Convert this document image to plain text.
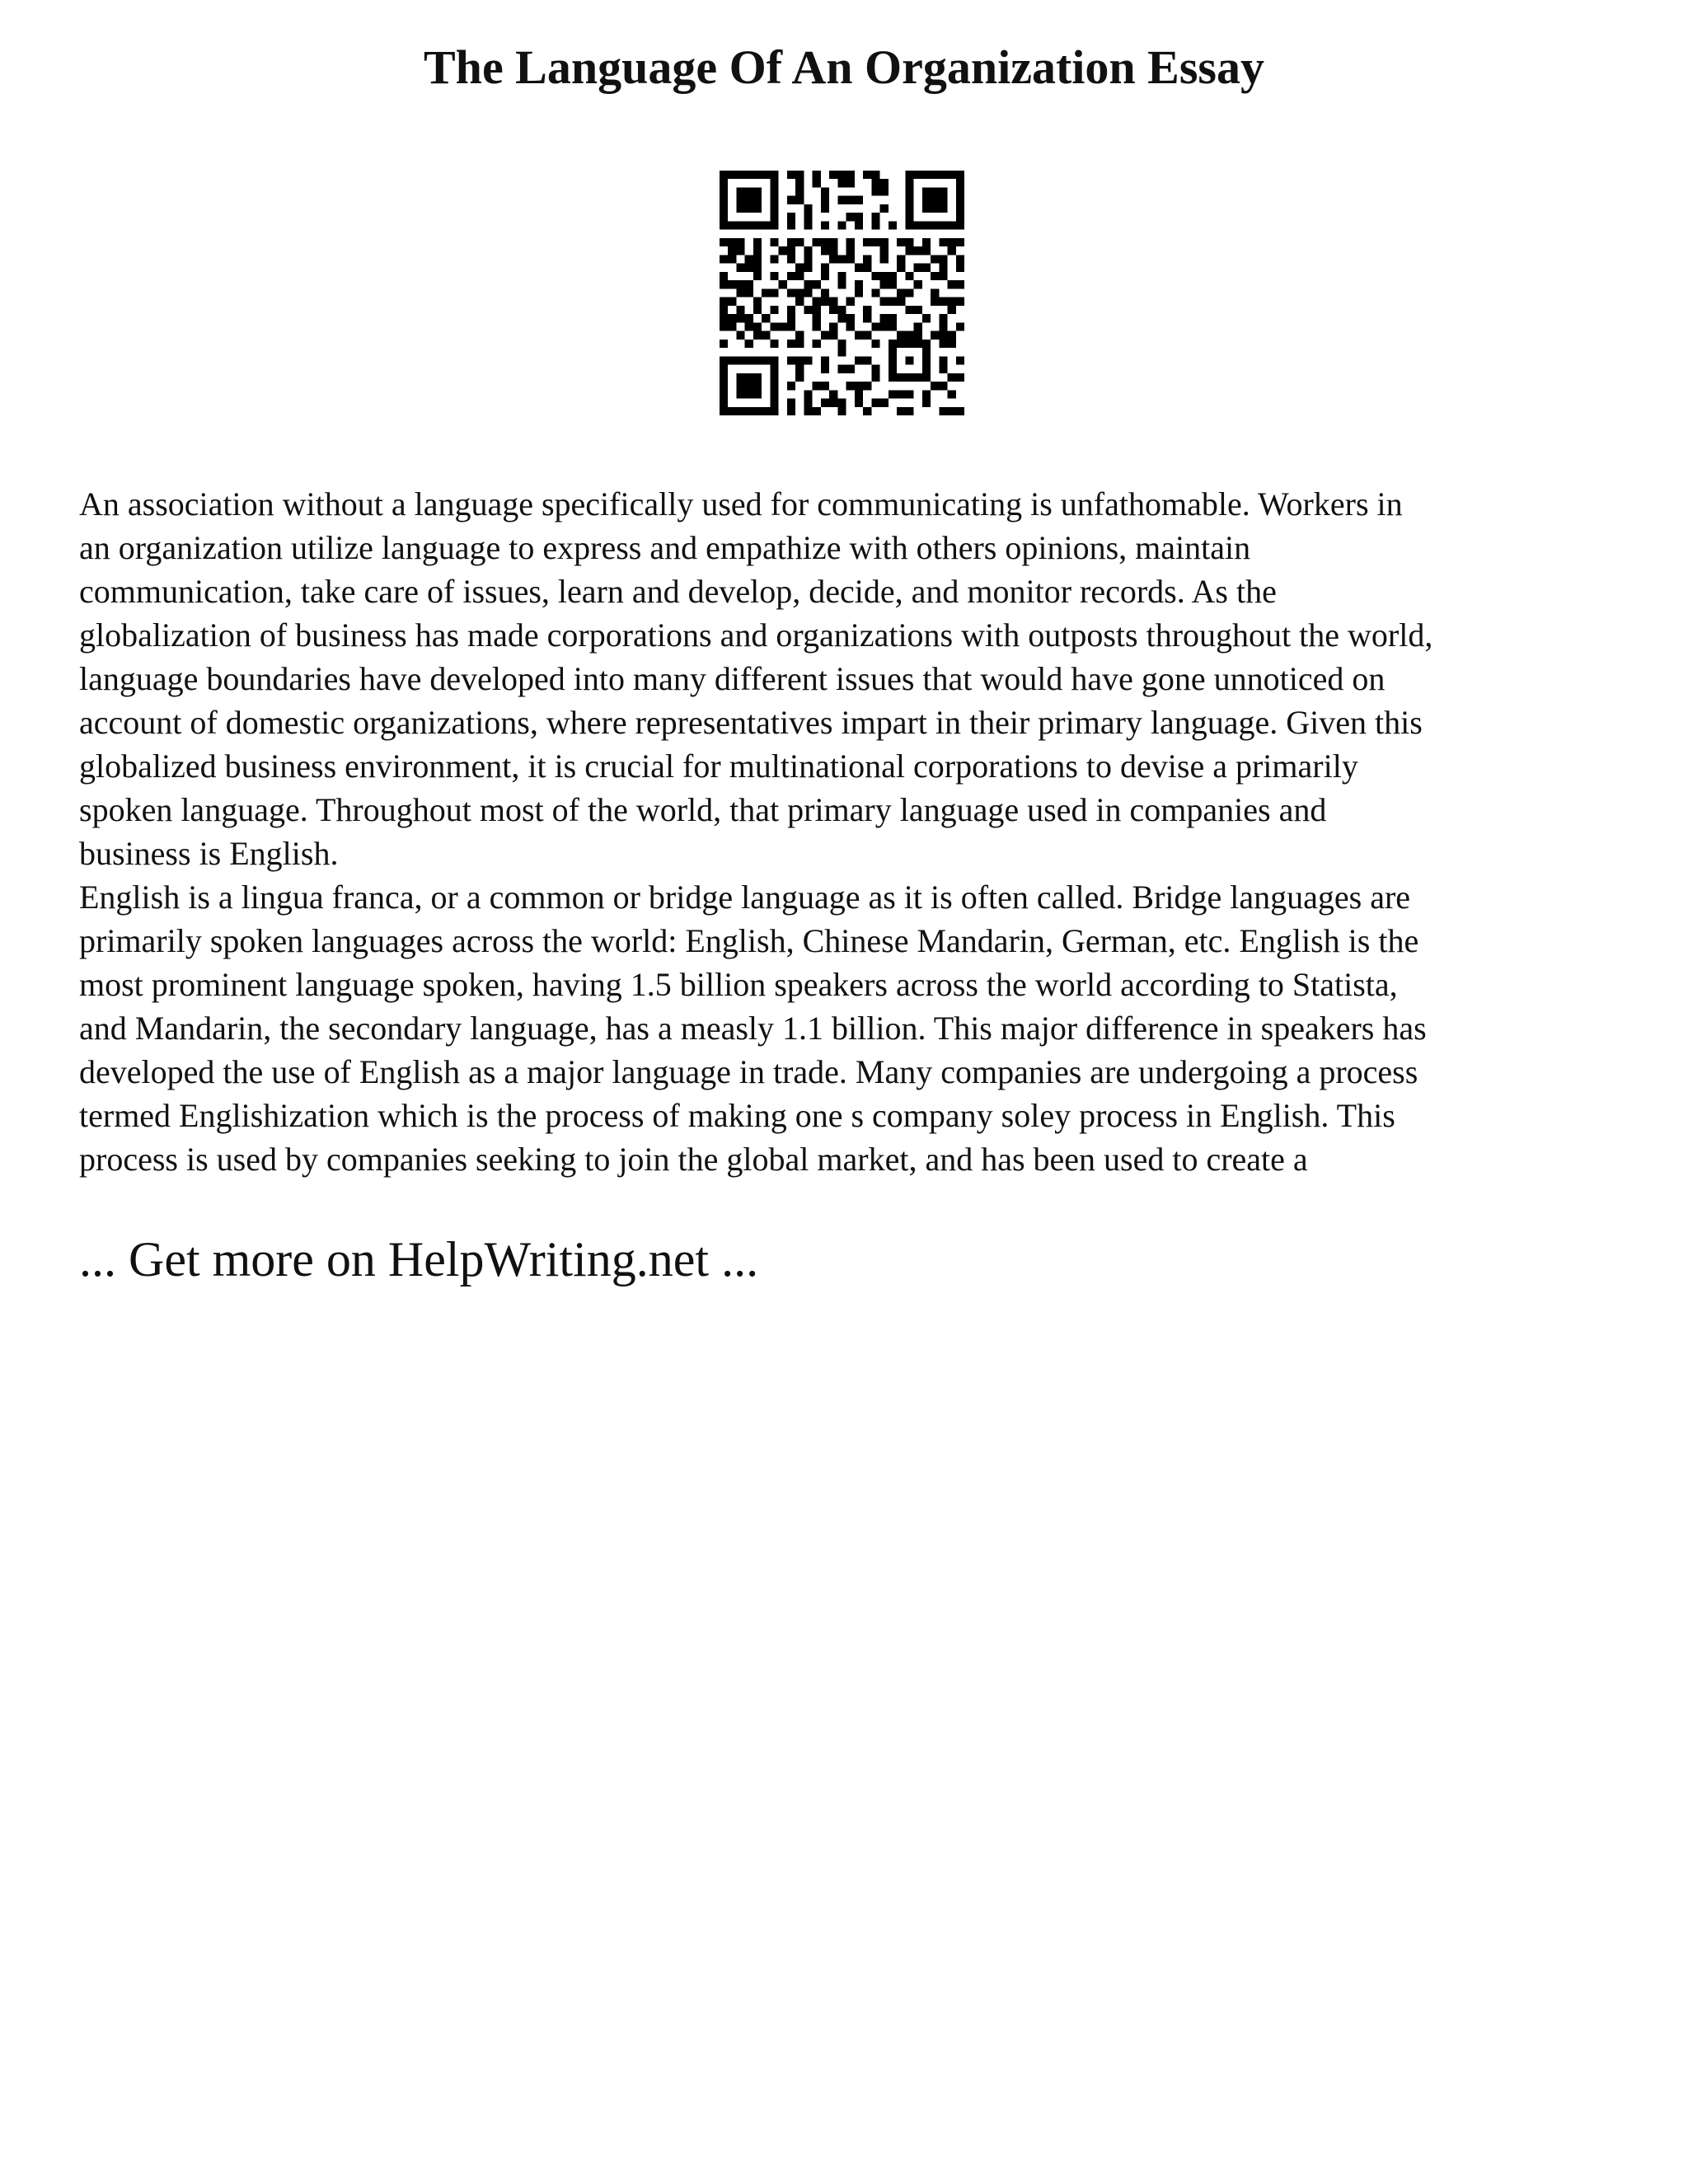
The Language Of An Organization Essay

An association without a language specifically used for communicating is unfathomable. Workers in

an organization utilize language to express and empathize with others opinions, maintain

communication, take care of issues, learn and develop, decide, and monitor records. As the

globalization of business has made corporations and organizations with outposts throughout the world,

language boundaries have developed into many different issues that would have gone unnoticed on

account of domestic organizations, where representatives impart in their primary language. Given this

globalized business environment, it is crucial for multinational corporations to devise a primarily

spoken language. Throughout most of the world, that primary language used in companies and

business is English.

English is a lingua franca, or a common or bridge language as it is often called. Bridge languages are

primarily spoken languages across the world: English, Chinese Mandarin, German, etc. English is the

most prominent language spoken, having 1.5 billion speakers across the world according to Statista,

and Mandarin, the secondary language, has a measly 1.1 billion. This major difference in speakers has

developed the use of English as a major language in trade. Many companies are undergoing a process

termed Englishization which is the process of making one s company soley process in English. This

process is used by companies seeking to join the global market, and has been used to create a

... Get more on HelpWriting.net ...
